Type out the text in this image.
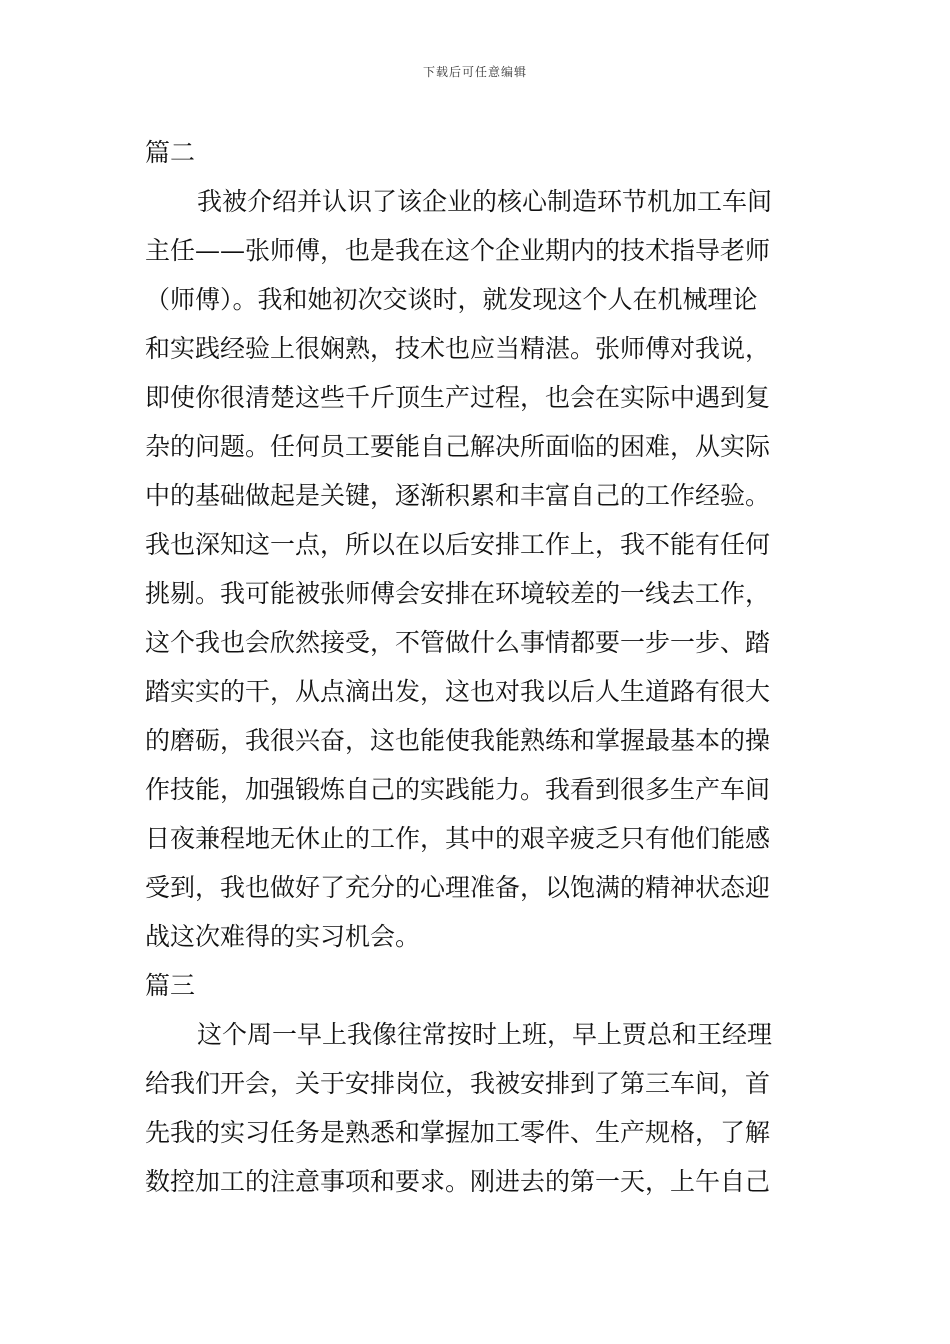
下载后可任意编辑
篇二
我被介绍并认识了该企业的核心制造环节机加工车间
主任——张师傅，也是我在这个企业期内的技术指导老师
（师傅）。我和她初次交谈时，就发现这个人在机械理论
和实践经验上很娴熟，技术也应当精湛。张师傅对我说，
即使你很清楚这些千斤顶生产过程，也会在实际中遇到复
杂的问题。任何员工要能自己解决所面临的困难，从实际
中的基础做起是关键，逐渐积累和丰富自己的工作经验。
我也深知这一点，所以在以后安排工作上，我不能有任何
挑剔。我可能被张师傅会安排在环境较差的一线去工作，
这个我也会欣然接受，不管做什么事情都要一步一步、踏
踏实实的干，从点滴出发，这也对我以后人生道路有很大
的磨砺，我很兴奋，这也能使我能熟练和掌握最基本的操
作技能，加强锻炼自己的实践能力。我看到很多生产车间
日夜兼程地无休止的工作，其中的艰辛疲乏只有他们能感
受到，我也做好了充分的心理准备，以饱满的精神状态迎
战这次难得的实习机会。
篇三
这个周一早上我像往常按时上班，早上贾总和王经理
给我们开会，关于安排岗位，我被安排到了第三车间，首
先我的实习任务是熟悉和掌握加工零件、生产规格，了解
数控加工的注意事项和要求。刚进去的第一天，上午自己
